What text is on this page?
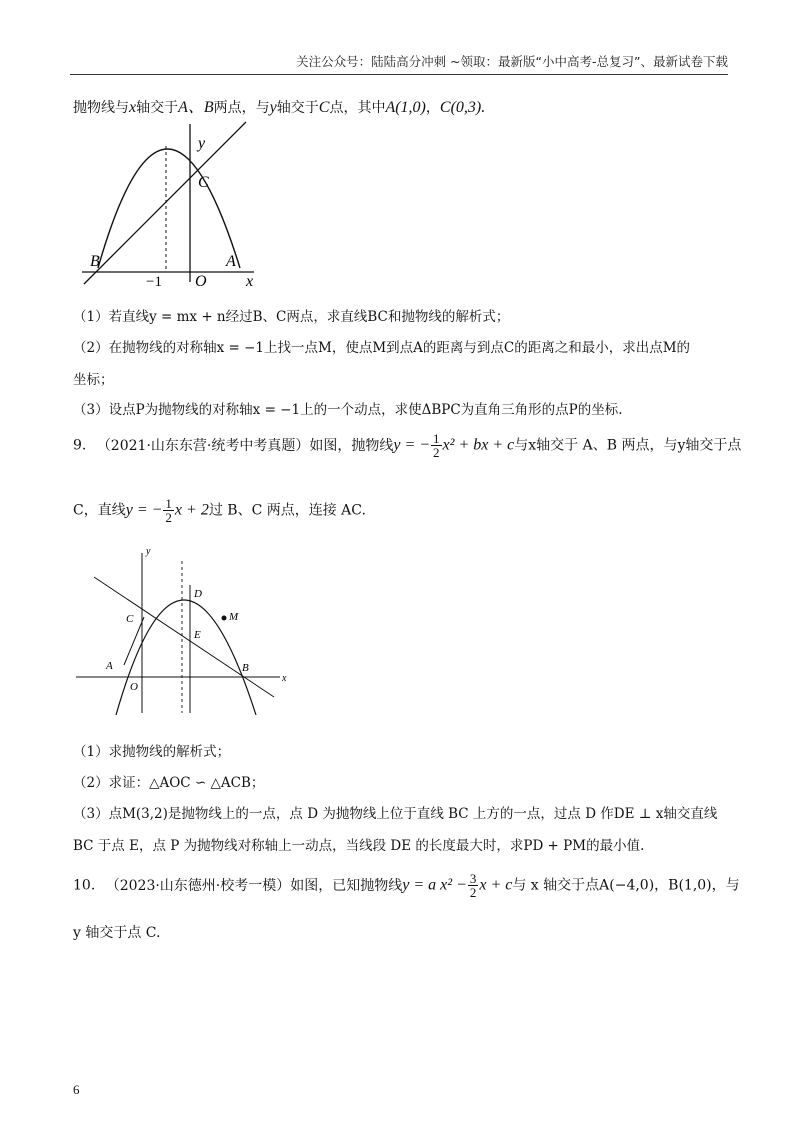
关注公众号：陆陆高分冲刺 ~领取：最新版“小中高考-总复习”、最新试卷下载
抛物线与x轴交于A、B两点，与y轴交于C点，其中A(1,0)，C(0,3).
y
C
B	A
−1 O x
（1）若直线y = mx + n经过B、C两点，求直线BC和抛物线的解析式；
（2）在抛物线的对称轴x = −1上找一点M，使点M到点A的距离与到点C的距离之和最小，求出点M的
坐标；
（3）设点P为抛物线的对称轴x = −1上的一个动点，求使ΔBPC为直角三角形的点P的坐标.
9. （2021·山东东营·统考中考真题）如图，抛物线y = − $\frac{1}{2} x^2$ + bx + c与x轴交于 A、B 两点，与y轴交于点
C，直线y = − $\frac{1}{2}$ x + 2过 B、C 两点，连接 AC.
y
C
D
M
E
A
O
B
x
（1）求抛物线的解析式；
（2）求证：△AOC ∽ △ACB；
（3）点M(3,2)是抛物线上的一点，点 D 为抛物线上位于直线 BC 上方的一点，过点 D 作DE ⊥ x轴交直线
BC 于点 E，点 P 为抛物线对称轴上一动点，当线段 DE 的长度最大时，求PD + PM的最小值.
10. （2023·山东德州·校考一模）如图，已知抛物线y = a $x^2 - \frac{3}{2}$ x + c与 x 轴交于点A(−4,0)，B(1,0)，与
y 轴交于点 C.
6
